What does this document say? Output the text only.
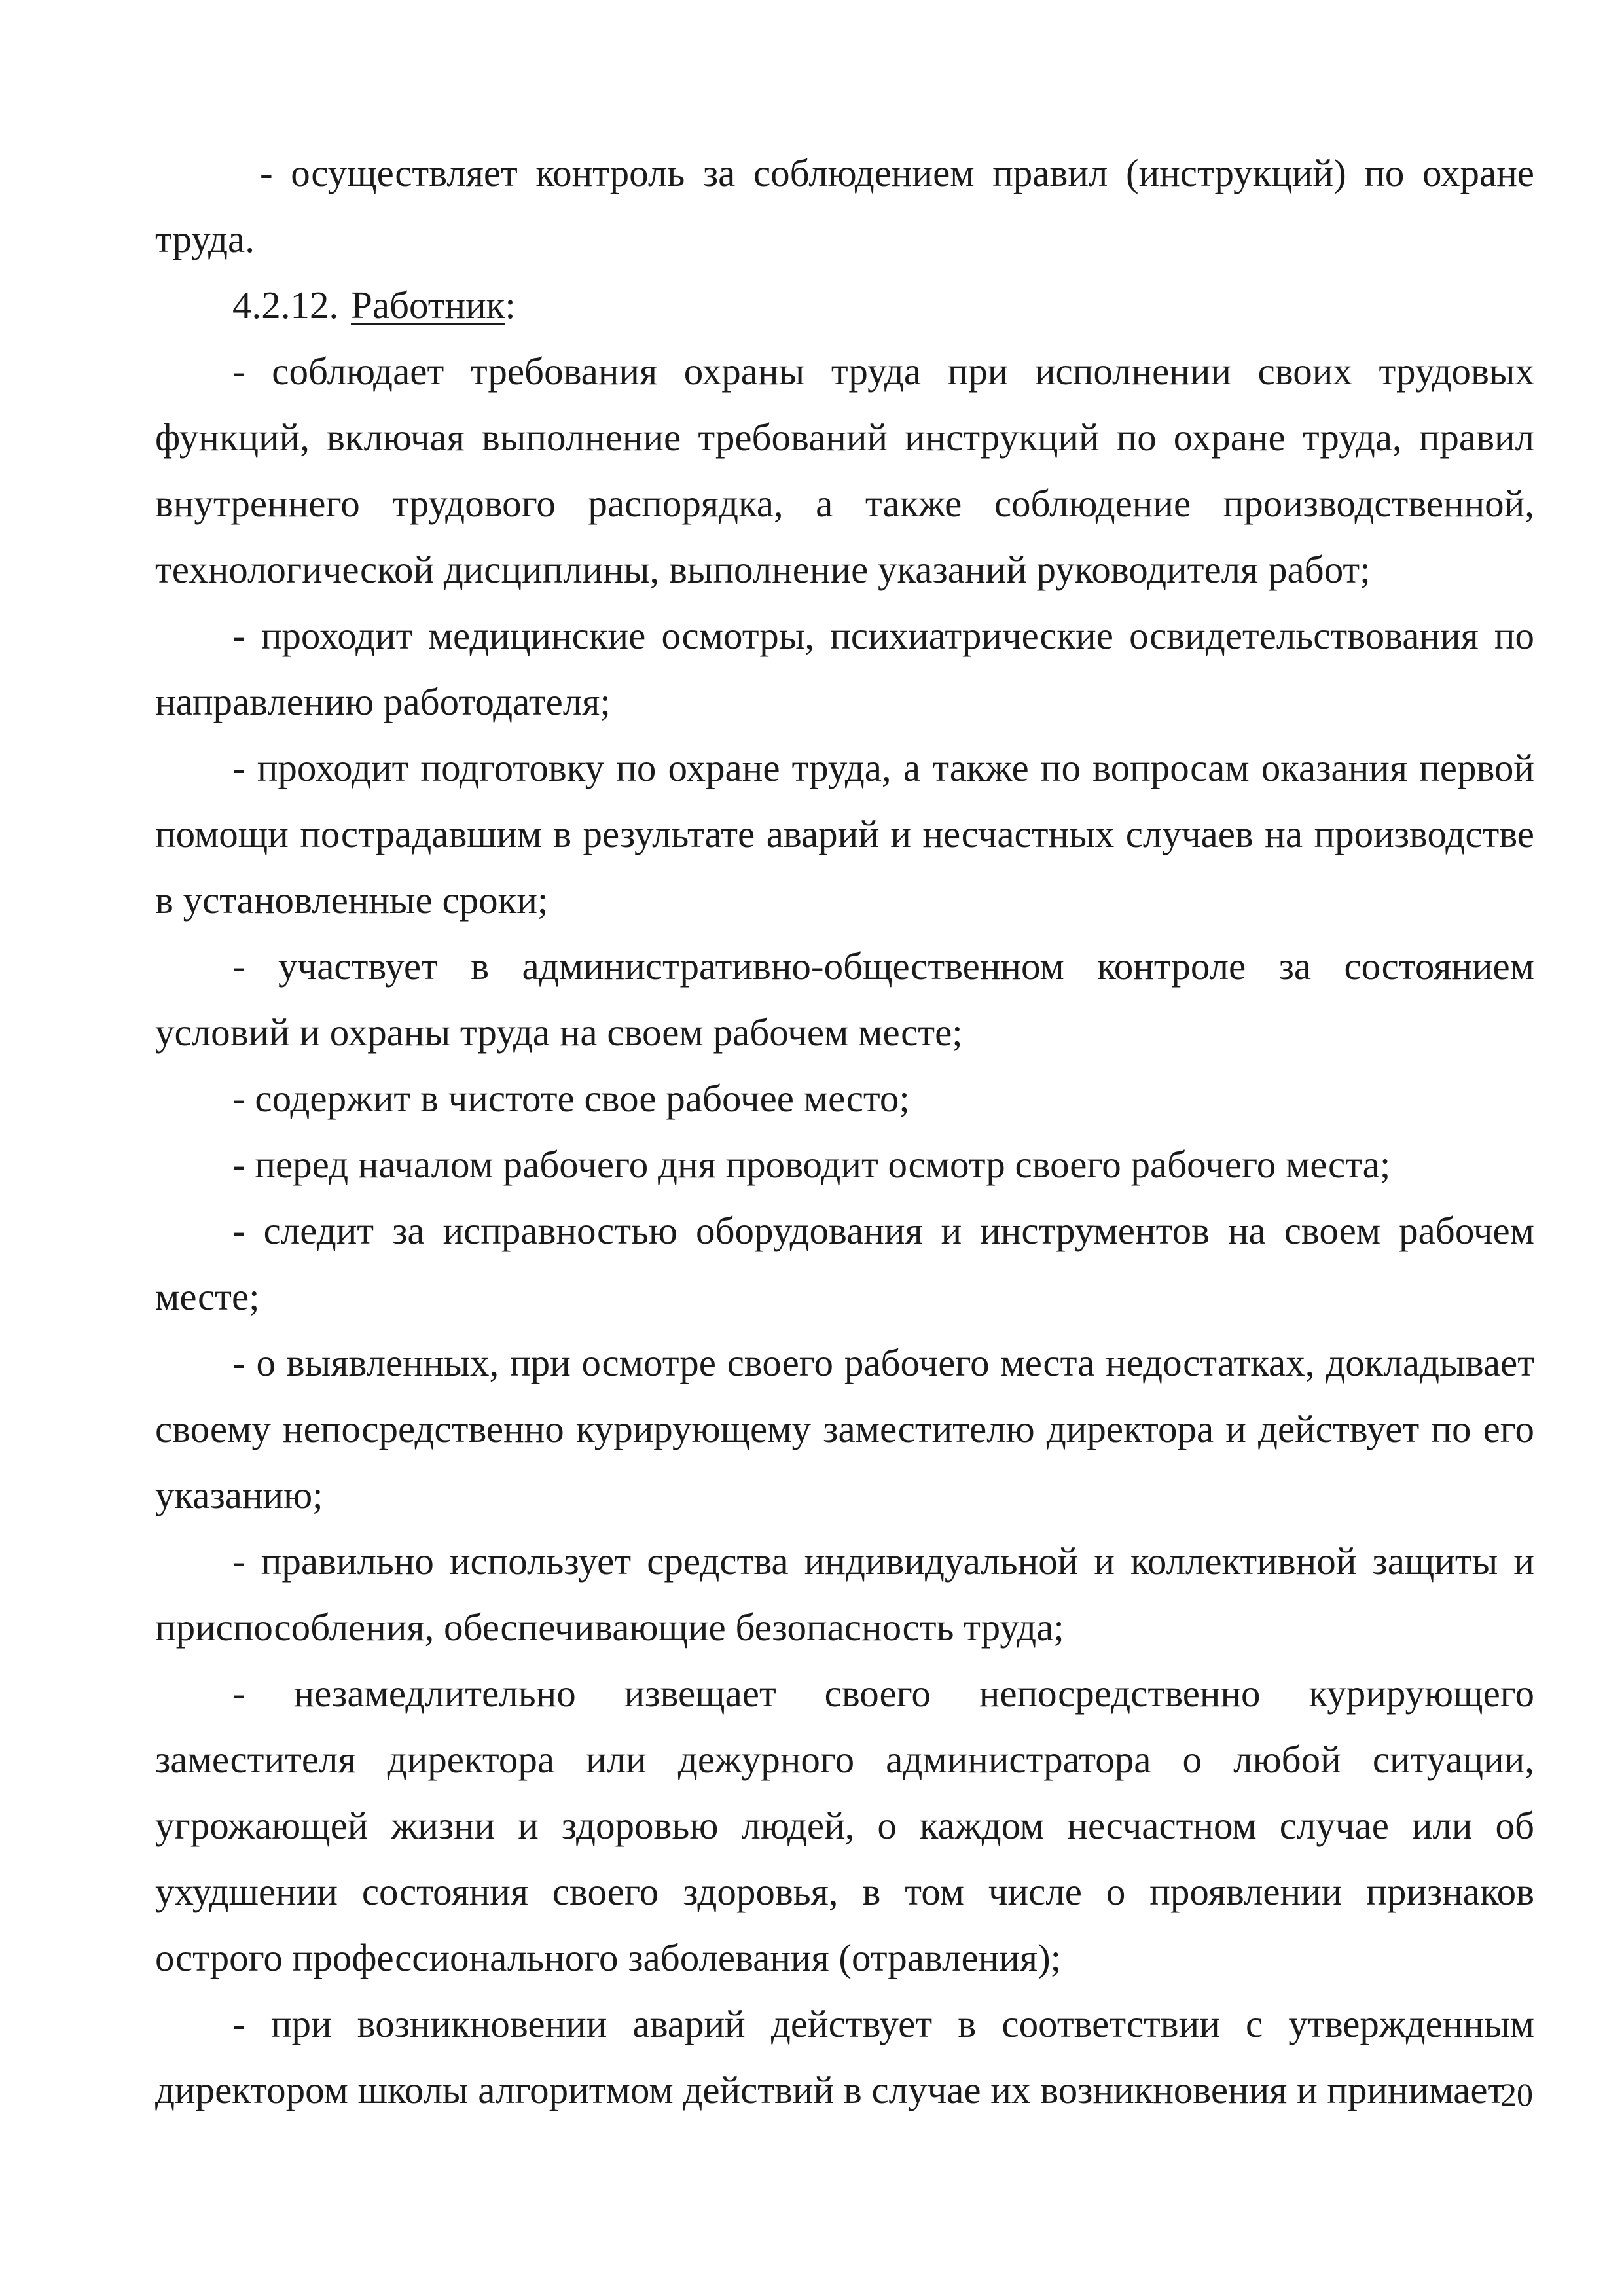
- осуществляет контроль за соблюдением правил (инструкций) по охране труда.

4.2.12. Работник:

- соблюдает требования охраны труда при исполнении своих трудовых функций, включая выполнение требований инструкций по охране труда, правил внутреннего трудового распорядка, а также соблюдение производственной, технологической дисциплины, выполнение указаний руководителя работ;

- проходит медицинские осмотры, психиатрические освидетельствования по направлению работодателя;

- проходит подготовку по охране труда, а также по вопросам оказания первой помощи пострадавшим в результате аварий и несчастных случаев на производстве в установленные сроки;

- участвует в административно-общественном контроле за состоянием условий и охраны труда на своем рабочем месте;

- содержит в чистоте свое рабочее место;

- перед началом рабочего дня проводит осмотр своего рабочего места;

- следит за исправностью оборудования и инструментов на своем рабочем месте;

- о выявленных, при осмотре своего рабочего места недостатках, докладывает своему непосредственно курирующему заместителю директора и действует по его указанию;

- правильно использует средства индивидуальной и коллективной защиты и приспособления, обеспечивающие безопасность труда;

- незамедлительно извещает своего непосредственно курирующего заместителя директора или дежурного администратора о любой ситуации, угрожающей жизни и здоровью людей, о каждом несчастном случае или об ухудшении состояния своего здоровья, в том числе о проявлении признаков острого профессионального заболевания (отравления);

- при возникновении аварий действует в соответствии с утвержденным директором школы алгоритмом действий в случае их возникновения и принимает

20
